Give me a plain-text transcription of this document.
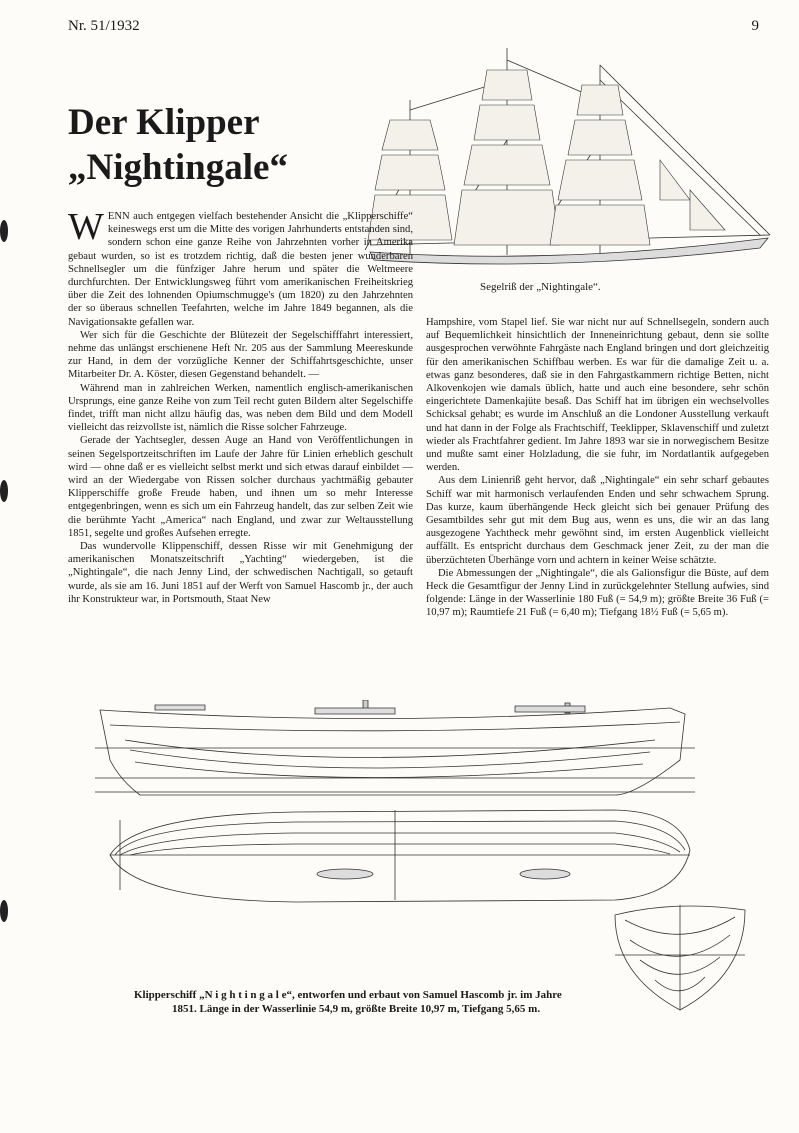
Nr. 51/1932	9
Der Klipper
„Nightingale“
Segelriß der „Nightingale“.

WENN auch entgegen vielfach bestehender Ansicht die „Klipperschiffe“ keineswegs erst um die Mitte des vorigen Jahrhunderts entstanden sind, sondern schon eine ganze Reihe von Jahrzehnten vorher in Amerika gebaut wurden, so ist es trotzdem richtig, daß die besten jener wunderbaren Schnellsegler um die fünfziger Jahre herum und später die Weltmeere durchfurchten. Der Entwicklungsweg führt vom amerikanischen Freiheitskrieg über die Zeit des lohnenden Opiumschmugge's (um 1820) zu den Jahrzehnten der so überaus schnellen Teefahrten, welche im Jahre 1849 begannen, als die Navigationsakte gefallen war.

Wer sich für die Geschichte der Blütezeit der Segelschifffahrt interessiert, nehme das unlängst erschienene Heft Nr. 205 aus der Sammlung Meereskunde zur Hand, in dem der vorzügliche Kenner der Schiffahrtsgeschichte, unser Mitarbeiter Dr. A. Köster, diesen Gegenstand behandelt. —

Während man in zahlreichen Werken, namentlich englisch-amerikanischen Ursprungs, eine ganze Reihe von zum Teil recht guten Bildern alter Segelschiffe findet, trifft man nicht allzu häufig das, was neben dem Bild und dem Modell vielleicht das reizvollste ist, nämlich die Risse solcher Fahrzeuge.

Gerade der Yachtsegler, dessen Auge an Hand von Veröffentlichungen in seinen Segelsportzeitschriften im Laufe der Jahre für Linien erheblich geschult wird — ohne daß er es vielleicht selbst merkt und sich etwas darauf einbildet — wird an der Wiedergabe von Rissen solcher durchaus yachtmäßig gebauter Klipperschiffe große Freude haben, und ihnen um so mehr Interesse entgegenbringen, wenn es sich um ein Fahrzeug handelt, das zur selben Zeit wie die berühmte Yacht „America“ nach England, und zwar zur Weltausstellung 1851, segelte und großes Aufsehen erregte.

Das wundervolle Klippenschiff, dessen Risse wir mit Genehmigung der amerikanischen Monatszeitschrift „Yachting“ wiedergeben, ist die „Nightingale“, die nach Jenny Lind, der schwedischen Nachtigall, so getauft wurde, als sie am 16. Juni 1851 auf der Werft von Samuel Hascomb jr., der auch ihr Konstrukteur war, in Portsmouth, Staat New

Hampshire, vom Stapel lief. Sie war nicht nur auf Schnellsegeln, sondern auch auf Bequemlichkeit hinsichtlich der Inneneinrichtung gebaut, denn sie sollte ausgesprochen verwöhnte Fahrgäste nach England bringen und dort gleichzeitig für den amerikanischen Schiffbau werben. Es war für die damalige Zeit u. a. etwas ganz besonderes, daß sie in den Fahrgastkammern richtige Betten, nicht Alkovenkojen wie damals üblich, hatte und auch eine besondere, sehr schön eingerichtete Damenkajüte besaß. Das Schiff hat im übrigen ein wechselvolles Schicksal gehabt; es wurde im Anschluß an die Londoner Ausstellung verkauft und hat dann in der Folge als Frachtschiff, Teeklipper, Sklavenschiff und zuletzt wieder als Frachtfahrer gedient. Im Jahre 1893 war sie in norwegischem Besitze und mußte samt einer Holzladung, die sie fuhr, im Nordatlantik aufgegeben werden.

Aus dem Linienriß geht hervor, daß „Nightingale“ ein sehr scharf gebautes Schiff war mit harmonisch verlaufenden Enden und sehr schwachem Sprung. Das kurze, kaum überhängende Heck gleicht sich bei genauer Prüfung des Gesamtbildes sehr gut mit dem Bug aus, wenn es uns, die wir an das lang ausgezogene Yachtheck mehr gewöhnt sind, im ersten Augenblick vielleicht auffällt. Es entspricht durchaus dem Geschmack jener Zeit, zu der man die überzüchteten Überhänge vorn und achtern in keiner Weise schätzte.

Die Abmessungen der „Nightingale“, die als Galionsfigur die Büste, auf dem Heck die Gesamtfigur der Jenny Lind in zurückgelehnter Stellung aufwies, sind folgende: Länge in der Wasserlinie 180 Fuß (= 54,9 m); größte Breite 36 Fuß (= 10,97 m); Raumtiefe 21 Fuß (= 6,40 m); Tiefgang 18½ Fuß (= 5,65 m).

Klipperschiff „N i g h t i n g a l e“, entworfen und erbaut von Samuel Hascomb jr. im Jahre
1851. Länge in der Wasserlinie 54,9 m, größte Breite 10,97 m, Tiefgang 5,65 m.
